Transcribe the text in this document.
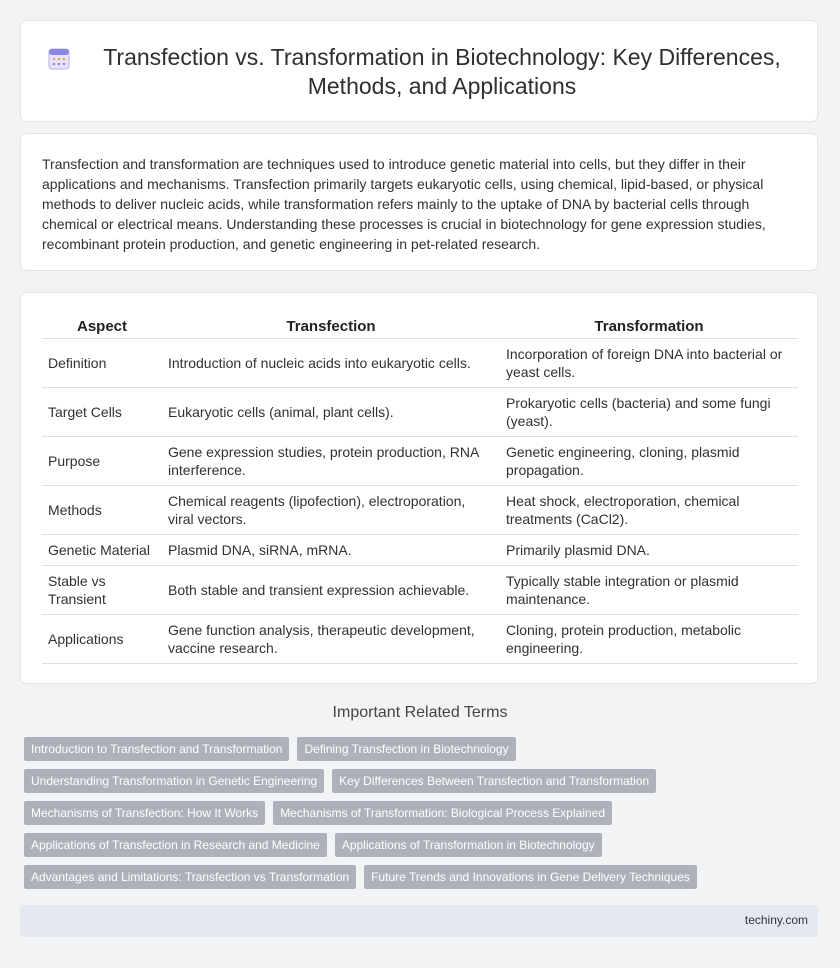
Transfection vs. Transformation in Biotechnology: Key Differences, Methods, and Applications

Transfection and transformation are techniques used to introduce genetic material into cells, but they differ in their applications and mechanisms. Transfection primarily targets eukaryotic cells, using chemical, lipid-based, or physical methods to deliver nucleic acids, while transformation refers mainly to the uptake of DNA by bacterial cells through chemical or electrical means. Understanding these processes is crucial in biotechnology for gene expression studies, recombinant protein production, and genetic engineering in pet-related research.

Aspect	Transfection	Transformation
Definition	Introduction of nucleic acids into eukaryotic cells.	Incorporation of foreign DNA into bacterial or yeast cells.
Target Cells	Eukaryotic cells (animal, plant cells).	Prokaryotic cells (bacteria) and some fungi (yeast).
Purpose	Gene expression studies, protein production, RNA interference.	Genetic engineering, cloning, plasmid propagation.
Methods	Chemical reagents (lipofection), electroporation, viral vectors.	Heat shock, electroporation, chemical treatments (CaCl2).
Genetic Material	Plasmid DNA, siRNA, mRNA.	Primarily plasmid DNA.
Stable vs Transient	Both stable and transient expression achievable.	Typically stable integration or plasmid maintenance.
Applications	Gene function analysis, therapeutic development, vaccine research.	Cloning, protein production, metabolic engineering.
Important Related Terms
Introduction to Transfection and Transformation	Defining Transfection in Biotechnology
Understanding Transformation in Genetic Engineering	Key Differences Between Transfection and Transformation
Mechanisms of Transfection: How It Works	Mechanisms of Transformation: Biological Process Explained
Applications of Transfection in Research and Medicine	Applications of Transformation in Biotechnology
Advantages and Limitations: Transfection vs Transformation	Future Trends and Innovations in Gene Delivery Techniques
techiny.com
